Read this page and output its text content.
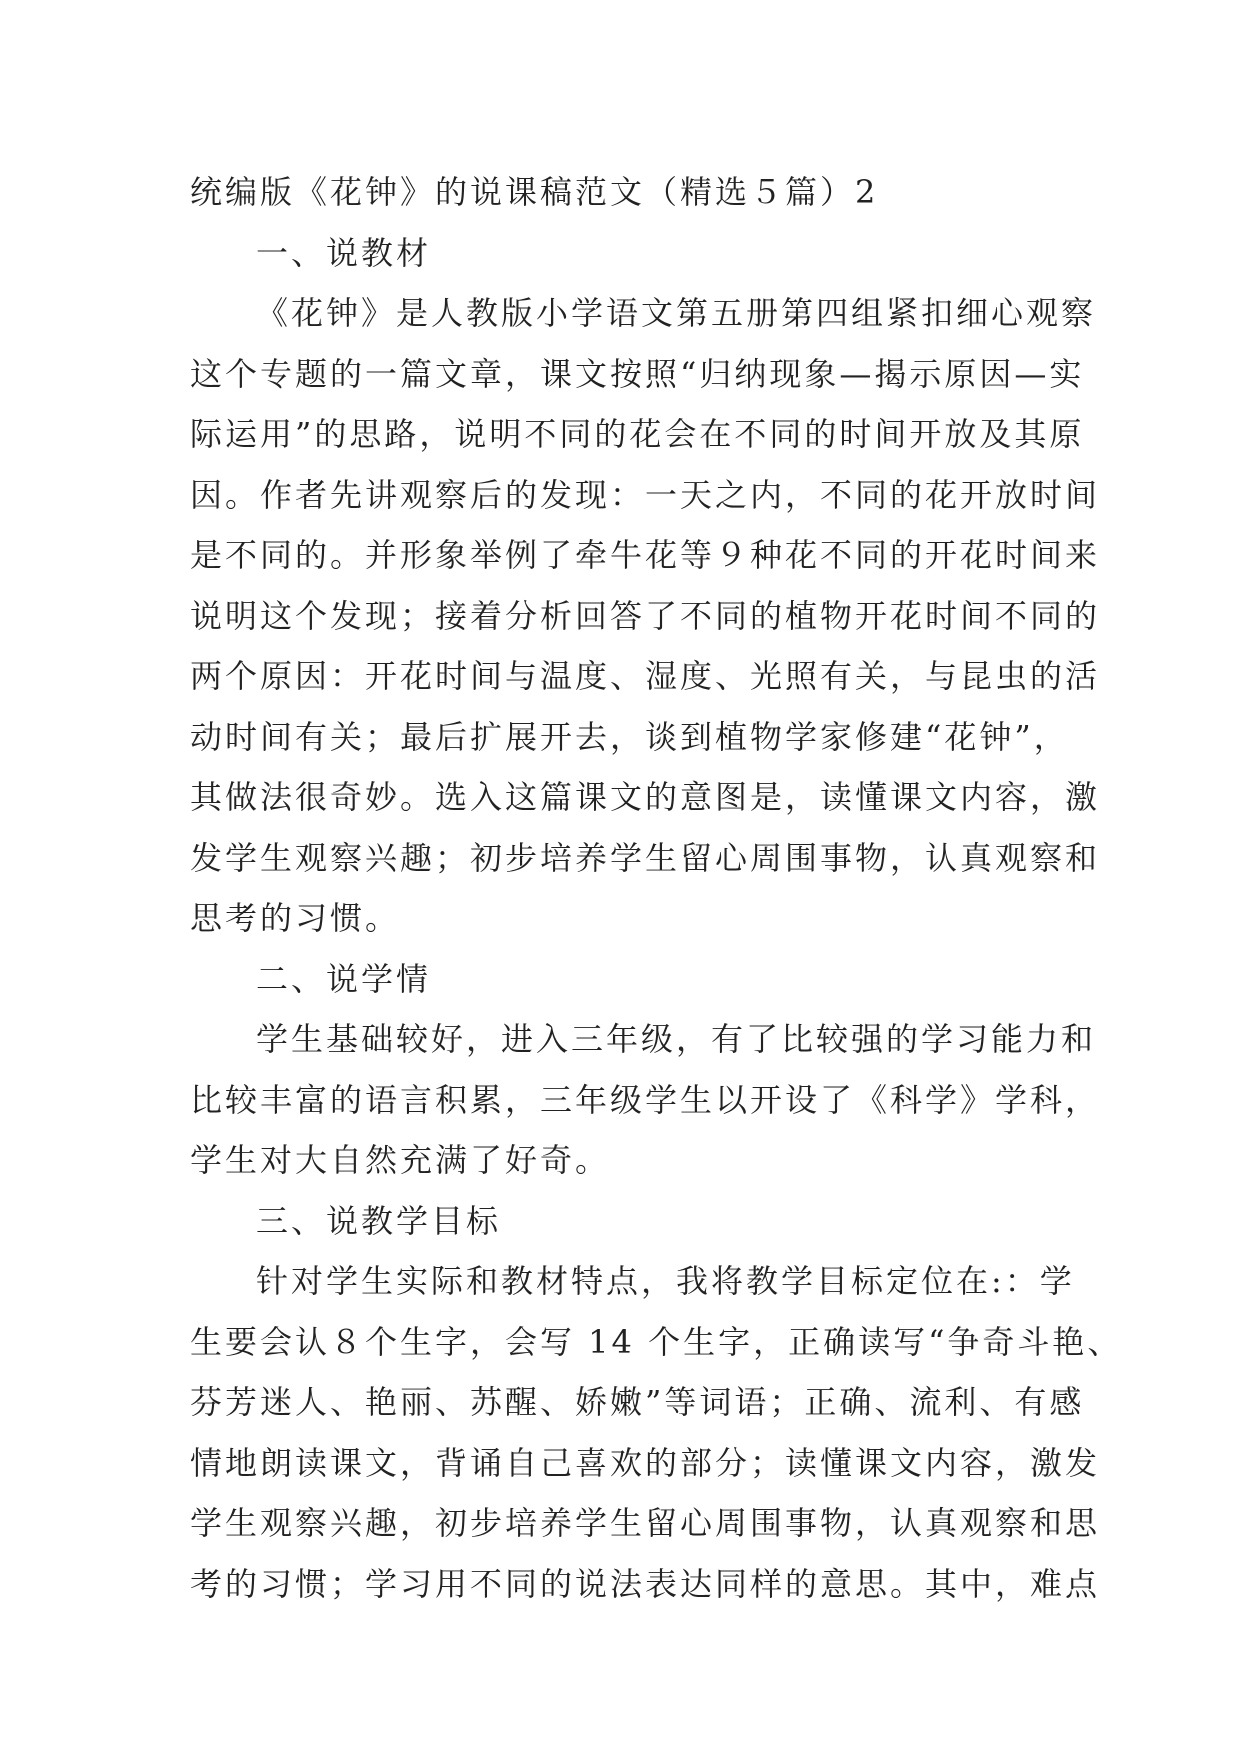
统编版《花钟》的说课稿范文（精选５篇）2
一、说教材
《花钟》是人教版小学语文第五册第四组紧扣细心观察
这个专题的一篇文章，课文按照“归纳现象—揭示原因—实
际运用”的思路，说明不同的花会在不同的时间开放及其原
因。作者先讲观察后的发现：一天之内，不同的花开放时间
是不同的。并形象举例了牵牛花等９种花不同的开花时间来
说明这个发现；接着分析回答了不同的植物开花时间不同的
两个原因：开花时间与温度、湿度、光照有关，与昆虫的活
动时间有关；最后扩展开去，谈到植物学家修建“花钟”，
其做法很奇妙。选入这篇课文的意图是，读懂课文内容，激
发学生观察兴趣；初步培养学生留心周围事物，认真观察和
思考的习惯。
二、说学情
学生基础较好，进入三年级，有了比较强的学习能力和
比较丰富的语言积累，三年级学生以开设了《科学》学科，
学生对大自然充满了好奇。
三、说教学目标
针对学生实际和教材特点，我将教学目标定位在:：学
生要会认８个生字，会写 14 个生字，正确读写“争奇斗艳、
芬芳迷人、艳丽、苏醒、娇嫩”等词语；正确、流利、有感
情地朗读课文，背诵自己喜欢的部分；读懂课文内容，激发
学生观察兴趣，初步培养学生留心周围事物，认真观察和思
考的习惯；学习用不同的说法表达同样的意思。其中，难点
